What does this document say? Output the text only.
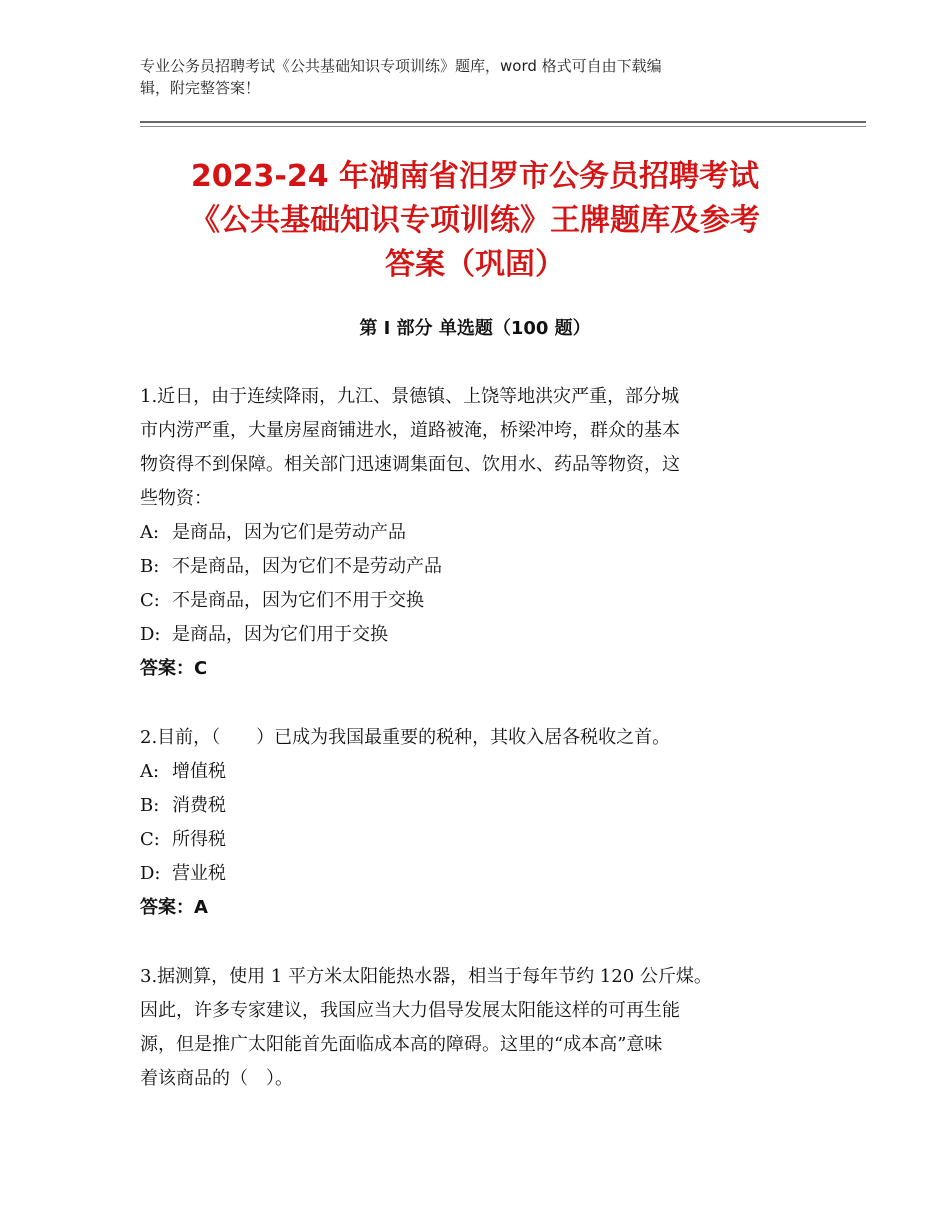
专业公务员招聘考试《公共基础知识专项训练》题库，word 格式可自由下载编
辑，附完整答案！
2023-24 年湖南省汨罗市公务员招聘考试
《公共基础知识专项训练》王牌题库及参考
答案（巩固）
第 I 部分 单选题（100 题）
1.近日，由于连续降雨，九江、景德镇、上饶等地洪灾严重，部分城
市内涝严重，大量房屋商铺进水，道路被淹，桥梁冲垮，群众的基本
物资得不到保障。相关部门迅速调集面包、饮用水、药品等物资，这
些物资：
A: 是商品，因为它们是劳动产品
B: 不是商品，因为它们不是劳动产品
C: 不是商品，因为它们不用于交换
D: 是商品，因为它们用于交换
答案：C
2.目前，（　　）已成为我国最重要的税种，其收入居各税收之首。
A: 增值税
B: 消费税
C: 所得税
D: 营业税
答案：A
3.据测算，使用 1 平方米太阳能热水器，相当于每年节约 120 公斤煤。
因此，许多专家建议，我国应当大力倡导发展太阳能这样的可再生能
源，但是推广太阳能首先面临成本高的障碍。这里的“成本高”意味
着该商品的（　）。
